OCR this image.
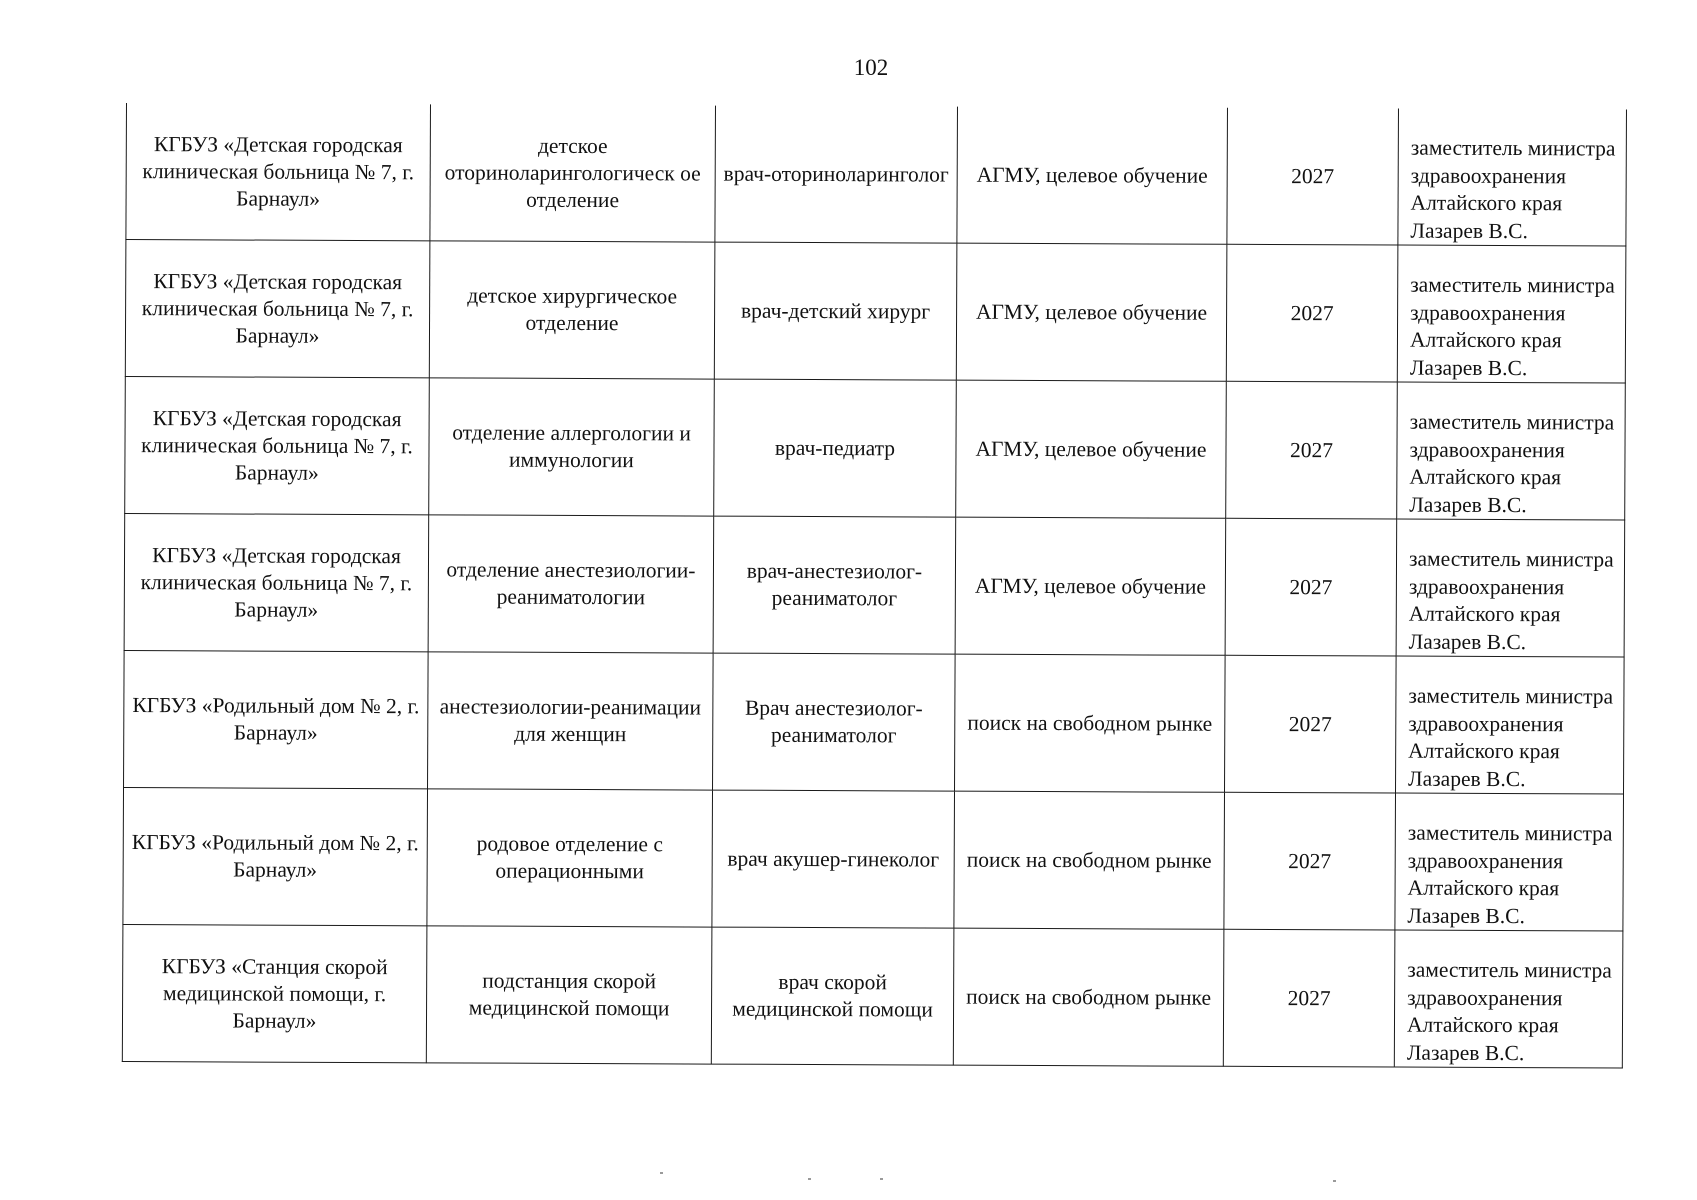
102
КГБУЗ «Детская городская клиническая больница № 7, г. Барнаул»	детское оториноларингологическ ое отделение	врач-оториноларинголог	АГМУ, целевое обучение	2027	заместитель министра здравоохранения Алтайского края Лазарев В.С.
КГБУЗ «Детская городская клиническая больница № 7, г. Барнаул»	детское хирургическое отделение	врач-детский хирург	АГМУ, целевое обучение	2027	заместитель министра здравоохранения Алтайского края Лазарев В.С.
КГБУЗ «Детская городская клиническая больница № 7, г. Барнаул»	отделение аллергологии и иммунологии	врач-педиатр	АГМУ, целевое обучение	2027	заместитель министра здравоохранения Алтайского края Лазарев В.С.
КГБУЗ «Детская городская клиническая больница № 7, г. Барнаул»	отделение анестезиологии-реаниматологии	врач-анестезиолог-реаниматолог	АГМУ, целевое обучение	2027	заместитель министра здравоохранения Алтайского края Лазарев В.С.
КГБУЗ «Родильный дом № 2, г. Барнаул»	анестезиологии-реанимации для женщин	Врач анестезиолог-реаниматолог	поиск на свободном рынке	2027	заместитель министра здравоохранения Алтайского края Лазарев В.С.
КГБУЗ «Родильный дом № 2, г. Барнаул»	родовое отделение с операционными	врач акушер-гинеколог	поиск на свободном рынке	2027	заместитель министра здравоохранения Алтайского края Лазарев В.С.
КГБУЗ «Станция скорой медицинской помощи, г. Барнаул»	подстанция скорой медицинской помощи	врач скорой медицинской помощи	поиск на свободном рынке	2027	заместитель министра здравоохранения Алтайского края Лазарев В.С.
